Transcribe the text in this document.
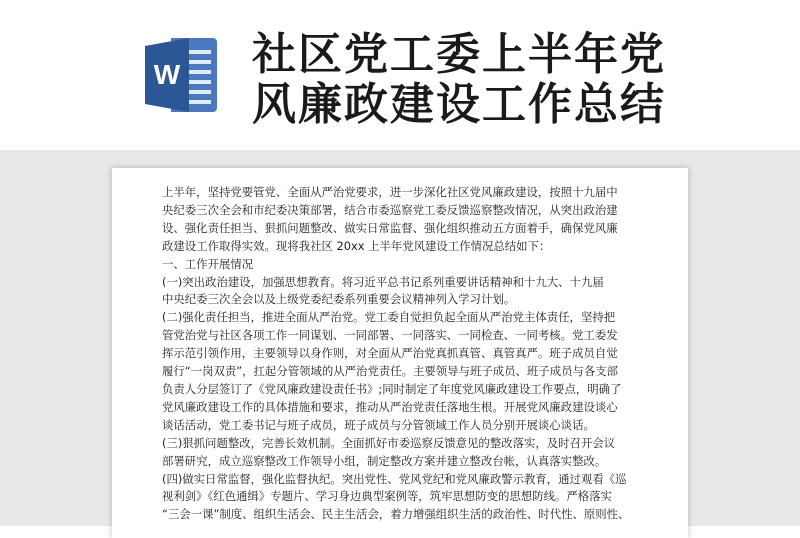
W 社区党工委上半年党
风廉政建设工作总结

上半年，坚持党要管党、全面从严治党要求，进一步深化社区党风廉政建设，按照十九届中

央纪委三次全会和市纪委决策部署，结合市委巡察党工委反馈巡察整改情况，从突出政治建

设、强化责任担当、狠抓问题整改、做实日常监督、强化组织推动五方面着手，确保党风廉

政建设工作取得实效。现将我社区 20xx 上半年党风建设工作情况总结如下：

一、工作开展情况

(一)突出政治建设，加强思想教育。将习近平总书记系列重要讲话精神和十九大、十九届

中央纪委三次全会以及上级党委纪委系列重要会议精神列入学习计划。

(二)强化责任担当，推进全面从严治党。党工委自觉担负起全面从严治党主体责任，坚持把

管党治党与社区各项工作一同谋划、一同部署、一同落实、一同检查、一同考核。党工委发

挥示范引领作用，主要领导以身作则，对全面从严治党真抓真管、真管真严。班子成员自觉

履行“一岗双责”，扛起分管领域的从严治党责任。主要领导与班子成员、班子成员与各支部

负责人分层签订了《党风廉政建设责任书》;同时制定了年度党风廉政建设工作要点，明确了

党风廉政建设工作的具体措施和要求，推动从严治党责任落地生根。开展党风廉政建设谈心

谈话活动，党工委书记与班子成员，班子成员与分管领域工作人员分别开展谈心谈话。

(三)狠抓问题整改，完善长效机制。全面抓好市委巡察反馈意见的整改落实，及时召开会议

部署研究，成立巡察整改工作领导小组，制定整改方案并建立整改台帐，认真落实整改。

(四)做实日常监督，强化监督执纪。突出党性、党风党纪和党风廉政警示教育，通过观看《巡

视利剑》《红色通缉》专题片、学习身边典型案例等，筑牢思想防变的思想防线。严格落实

“三会一课”制度、组织生活会、民主生活会，着力增强组织生活的政治性、时代性、原则性、
